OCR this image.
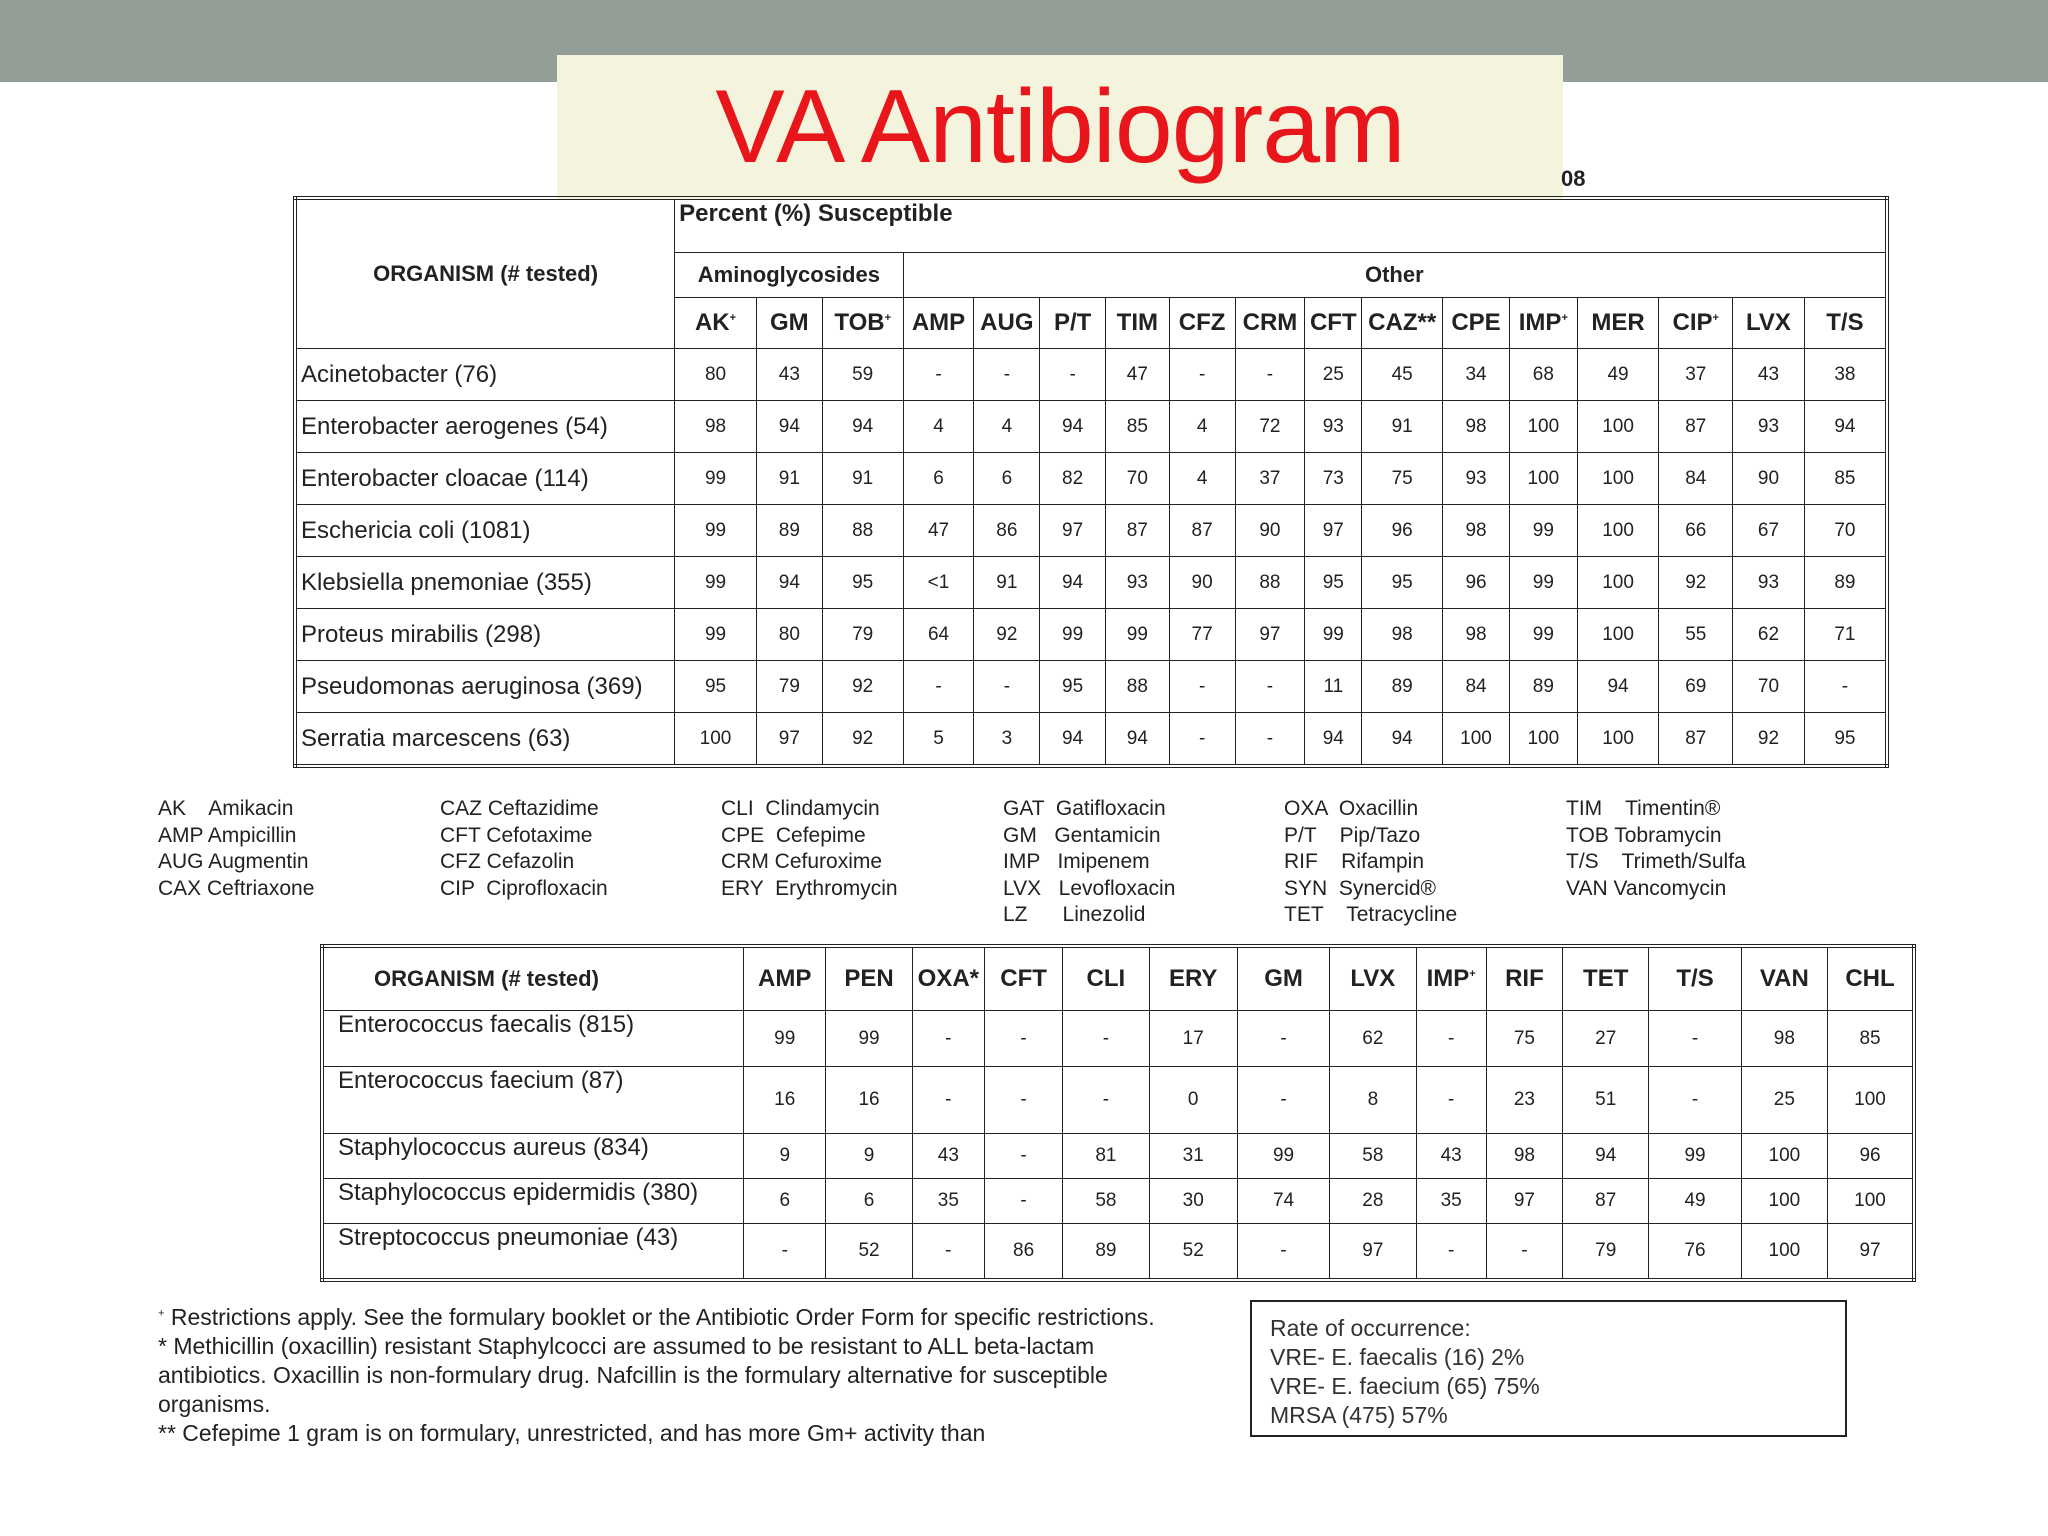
VA Antibiogram	08
ORGANISM (# tested)	Percent (%) Susceptible																
	Aminoglycosides			Other													
	AK+	GM	TOB+	AMP	AUG	P/T	TIM	CFZ	CRM	CFT	CAZ**	CPE	IMP+	MER	CIP+	LVX	T/S
Acinetobacter (76)	80	43	59	-	-	-	47	-	-	25	45	34	68	49	37	43	38
Enterobacter aerogenes (54)	98	94	94	4	4	94	85	4	72	93	91	98	100	100	87	93	94
Enterobacter cloacae (114)	99	91	91	6	6	82	70	4	37	73	75	93	100	100	84	90	85
Eschericia coli (1081)	99	89	88	47	86	97	87	87	90	97	96	98	99	100	66	67	70
Klebsiella pnemoniae (355)	99	94	95	<1	91	94	93	90	88	95	95	96	99	100	92	93	89
Proteus mirabilis (298)	99	80	79	64	92	99	99	77	97	99	98	98	99	100	55	62	71
Pseudomonas aeruginosa (369)	95	79	92	-	-	95	88	-	-	11	89	84	89	94	69	70	-
Serratia marcescens (63)	100	97	92	5	3	94	94	-	-	94	94	100	100	100	87	92	95
AK    Amikacin
AMP Ampicillin
AUG Augmentin
CAX Ceftriaxone
CAZ Ceftazidime
CFT Cefotaxime
CFZ Cefazolin
CIP  Ciprofloxacin
CLI  Clindamycin
CPE  Cefepime
CRM Cefuroxime
ERY  Erythromycin
GAT  Gatifloxacin
GM   Gentamicin
IMP   Imipenem
LVX   Levofloxacin
LZ      Linezolid
OXA  Oxacillin
P/T    Pip/Tazo
RIF    Rifampin
SYN  Synercid®
TET    Tetracycline
TIM    Timentin®
TOB Tobramycin
T/S    Trimeth/Sulfa
VAN Vancomycin
ORGANISM (# tested)	AMP	PEN	OXA*	CFT	CLI	ERY	GM	LVX	IMP+	RIF	TET	T/S	VAN	CHL
Enterococcus faecalis (815)	99	99	-	-	-	17	-	62	-	75	27	-	98	85
Enterococcus faecium (87)	16	16	-	-	-	0	-	8	-	23	51	-	25	100
Staphylococcus aureus (834)	9	9	43	-	81	31	99	58	43	98	94	99	100	96
Staphylococcus epidermidis (380)	6	6	35	-	58	30	74	28	35	97	87	49	100	100
Streptococcus pneumoniae (43)	-	52	-	86	89	52	-	97	-	-	79	76	100	97

+ Restrictions apply. See the formulary booklet or the Antibiotic Order Form for specific restrictions.

* Methicillin (oxacillin) resistant Staphylcocci are assumed to be resistant to ALL beta-lactam antibiotics. Oxacillin is non-formulary drug. Nafcillin is the formulary alternative for susceptible organisms.

** Cefepime 1 gram is on formulary, unrestricted, and has more Gm+ activity than

Rate of occurrence:
VRE- E. faecalis (16) 2%
VRE- E. faecium (65) 75%
MRSA (475) 57%
